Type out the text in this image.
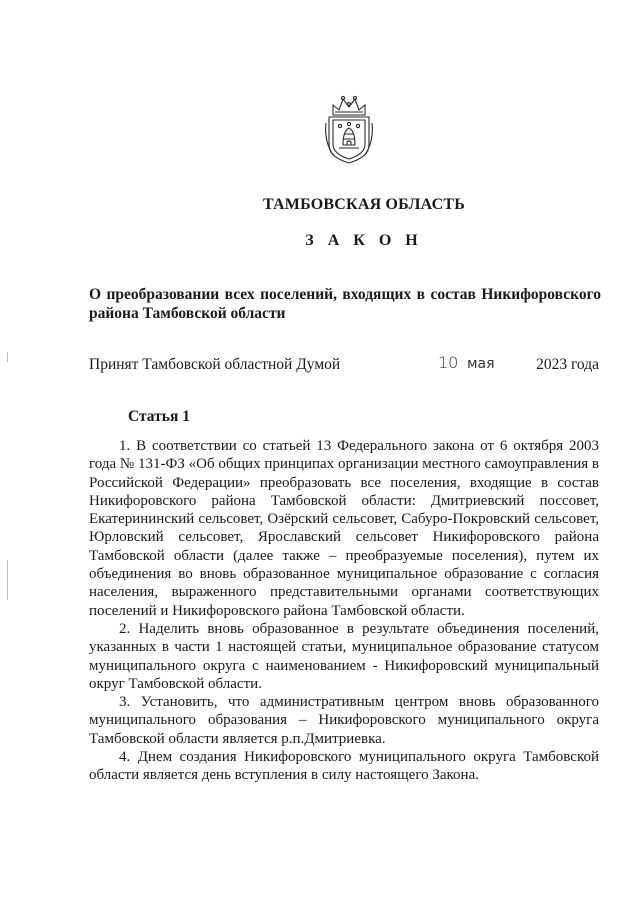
ТАМБОВСКАЯ ОБЛАСТЬ
З А К О Н
О преобразовании всех поселений, входящих в состав Никифоровского района Тамбовской области
Принят Тамбовской областной Думой	10 мая	2023 года
Статья 1

1. В соответствии со статьей 13 Федерального закона от 6 октября 2003 года № 131-ФЗ «Об общих принципах организации местного самоуправления в Российской Федерации» преобразовать все поселения, входящие в состав Никифоровского района Тамбовской области: Дмитриевский поссовет, Екатерининский сельсовет, Озёрский сельсовет, Сабуро-Покровский сельсовет, Юрловский сельсовет, Ярославский сельсовет Никифоровского района Тамбовской области (далее также – преобразуемые поселения), путем их объединения во вновь образованное муниципальное образование с согласия населения, выраженного представительными органами соответствующих поселений и Никифоровского района Тамбовской области.

2. Наделить вновь образованное в результате объединения поселений, указанных в части 1 настоящей статьи, муниципальное образование статусом муниципального округа с наименованием - Никифоровский муниципальный округ Тамбовской области.

3. Установить, что административным центром вновь образованного муниципального образования – Никифоровского муниципального округа Тамбовской области является р.п.Дмитриевка.

4. Днем создания Никифоровского муниципального округа Тамбовской области является день вступления в силу настоящего Закона.
